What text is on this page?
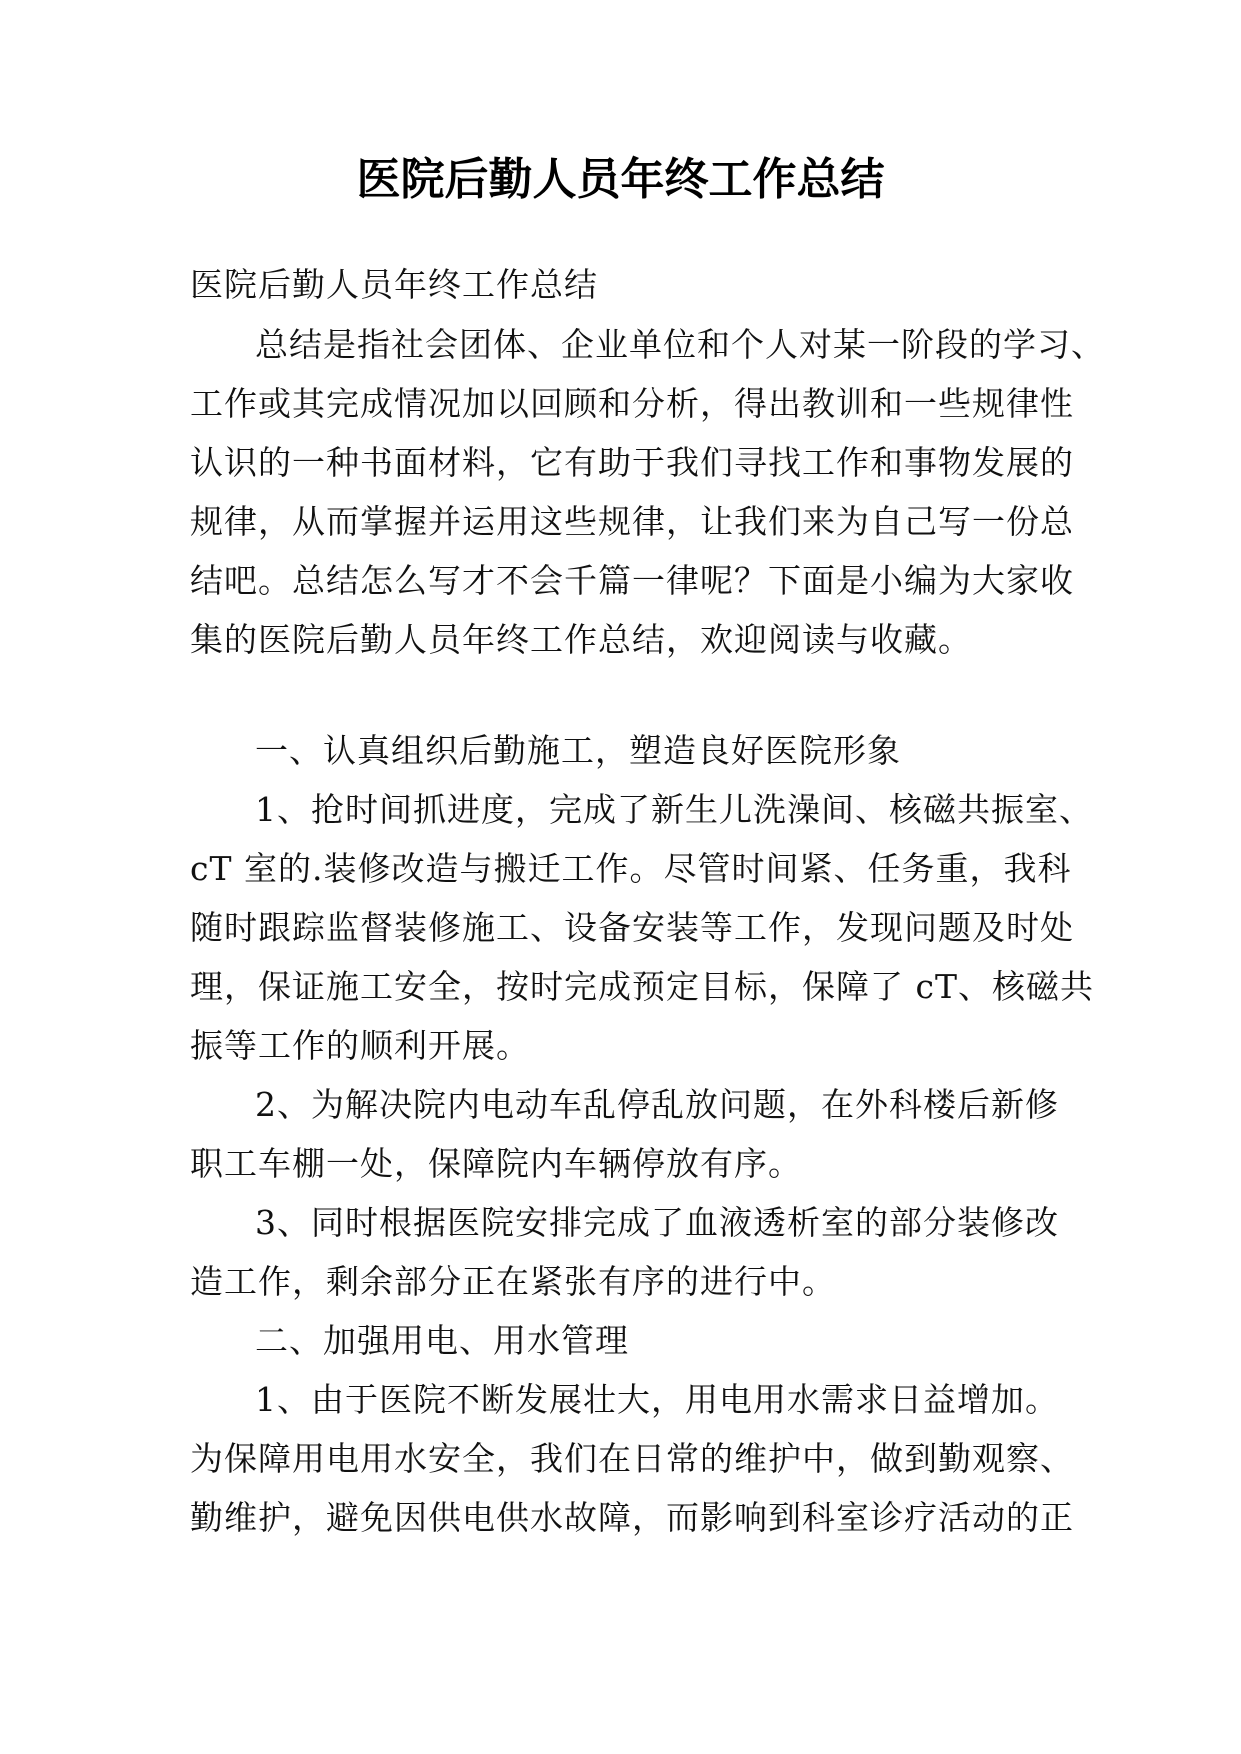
医院后勤人员年终工作总结

医院后勤人员年终工作总结

总结是指社会团体、企业单位和个人对某一阶段的学习、

工作或其完成情况加以回顾和分析，得出教训和一些规律性

认识的一种书面材料，它有助于我们寻找工作和事物发展的

规律，从而掌握并运用这些规律，让我们来为自己写一份总

结吧。总结怎么写才不会千篇一律呢？下面是小编为大家收

集的医院后勤人员年终工作总结，欢迎阅读与收藏。

一、认真组织后勤施工，塑造良好医院形象

1、抢时间抓进度，完成了新生儿洗澡间、核磁共振室、

cT 室的.装修改造与搬迁工作。尽管时间紧、任务重，我科

随时跟踪监督装修施工、设备安装等工作，发现问题及时处

理，保证施工安全，按时完成预定目标，保障了 cT、核磁共

振等工作的顺利开展。

2、为解决院内电动车乱停乱放问题，在外科楼后新修

职工车棚一处，保障院内车辆停放有序。

3、同时根据医院安排完成了血液透析室的部分装修改

造工作，剩余部分正在紧张有序的进行中。

二、加强用电、用水管理

1、由于医院不断发展壮大，用电用水需求日益增加。

为保障用电用水安全，我们在日常的维护中，做到勤观察、

勤维护，避免因供电供水故障，而影响到科室诊疗活动的正
